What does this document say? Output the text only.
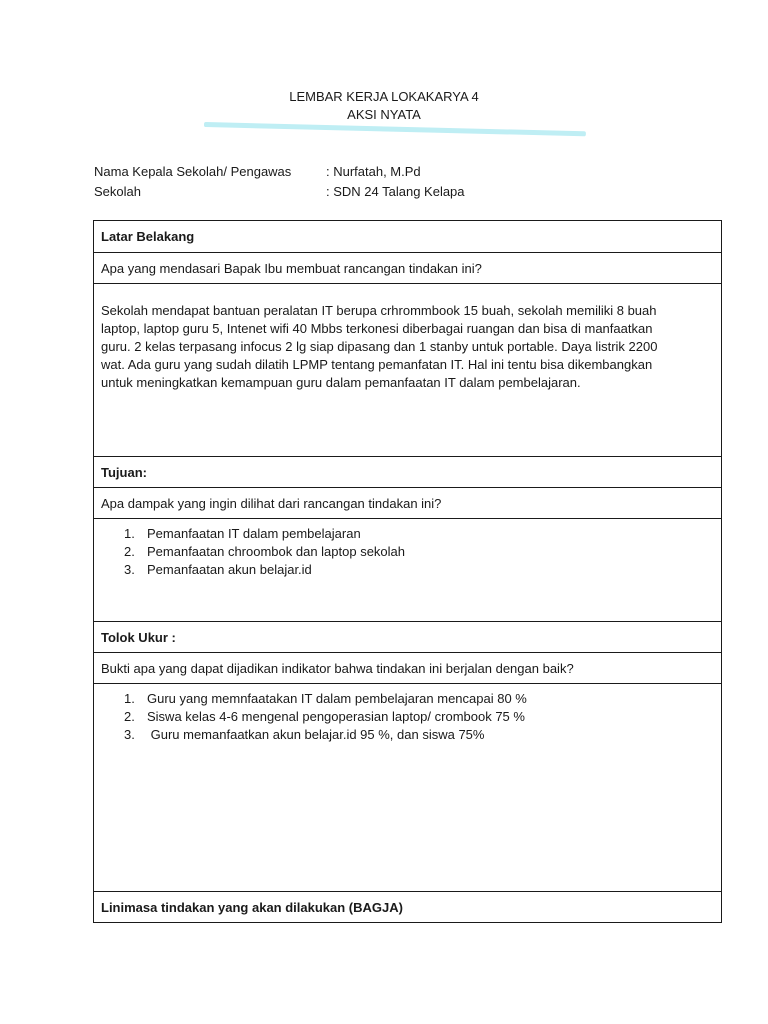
LEMBAR KERJA LOKAKARYA 4
AKSI NYATA
Nama Kepala Sekolah/ Pengawas	: Nurfatah, M.Pd
Sekolah	: SDN 24 Talang Kelapa
Latar Belakang
Apa yang mendasari Bapak Ibu membuat rancangan tindakan ini?
Sekolah mendapat bantuan peralatan IT berupa crhrommbook 15 buah, sekolah memiliki 8 buah
laptop, laptop guru 5, Intenet wifi 40 Mbbs terkonesi diberbagai ruangan dan bisa di manfaatkan
guru. 2 kelas terpasang infocus 2 lg siap dipasang dan 1 stanby untuk portable. Daya listrik 2200
wat. Ada guru yang sudah dilatih LPMP tentang pemanfatan IT. Hal ini tentu bisa dikembangkan
untuk meningkatkan kemampuan guru dalam pemanfaatan IT dalam pembelajaran.
Tujuan:
Apa dampak yang ingin dilihat dari rancangan tindakan ini?
1. Pemanfaatan IT dalam pembelajaran
2. Pemanfaatan chroombok dan laptop sekolah
3. Pemanfaatan akun belajar.id
Tolok Ukur :
Bukti apa yang dapat dijadikan indikator bahwa tindakan ini berjalan dengan baik?
1. Guru yang memnfaatakan IT dalam pembelajaran mencapai 80 %
2. Siswa kelas 4-6 mengenal pengoperasian laptop/ crombook 75 %
3. Guru memanfaatkan akun belajar.id 95 %, dan siswa 75%
Linimasa tindakan yang akan dilakukan (BAGJA)
